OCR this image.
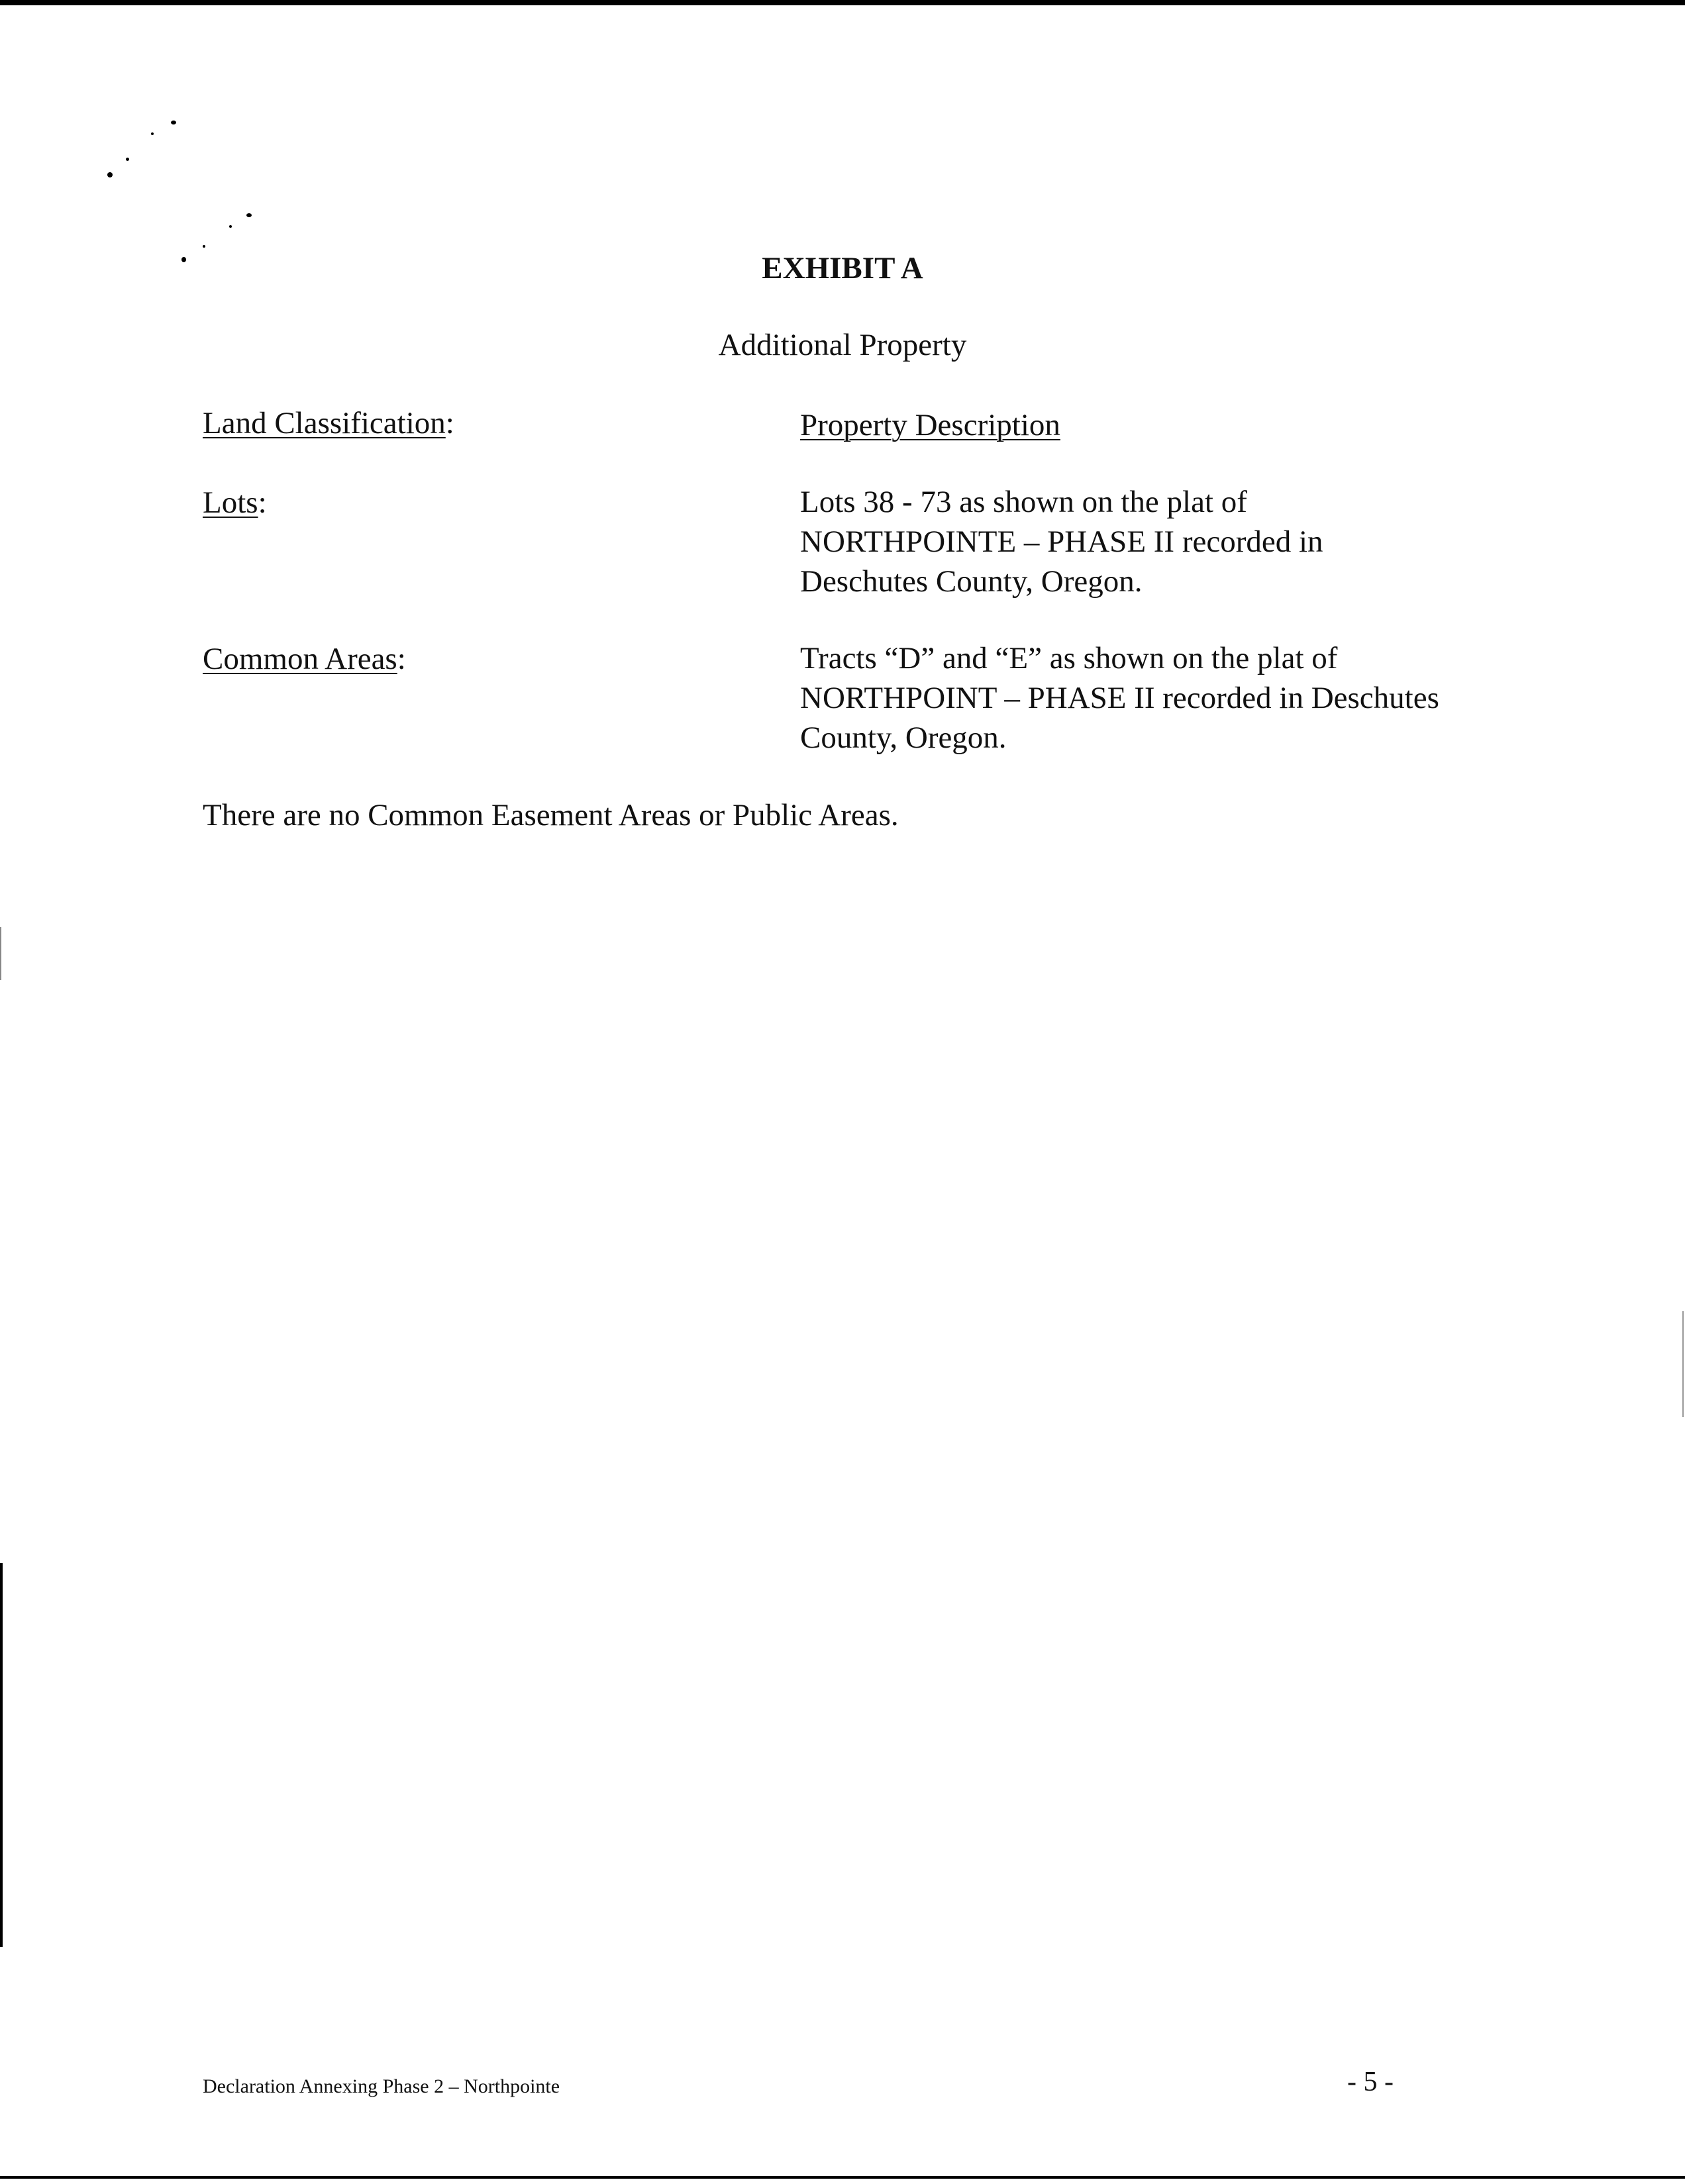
EXHIBIT A

Additional Property

Land Classification:	Property Description
Lots:	Lots 38 - 73 as shown on the plat of
NORTHPOINTE – PHASE II recorded in
Deschutes County, Oregon.
Common Areas:	Tracts “D” and “E” as shown on the plat of
NORTHPOINT – PHASE II recorded in Deschutes
County, Oregon.

There are no Common Easement Areas or Public Areas.

Declaration Annexing Phase 2 – Northpointe	- 5 -
